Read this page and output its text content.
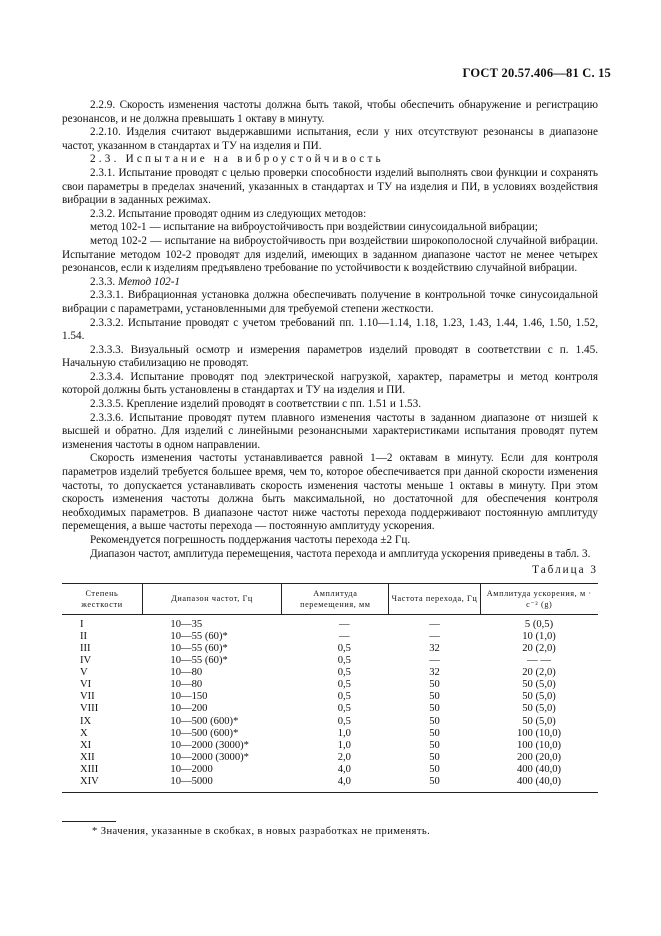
ГОСТ 20.57.406—81 С. 15

2.2.9. Скорость изменения частоты должна быть такой, чтобы обеспечить обнаружение и регистрацию резонансов, и не должна превышать 1 октаву в минуту.

2.2.10. Изделия считают выдержавшими испытания, если у них отсутствуют резонансы в диапазоне частот, указанном в стандартах и ТУ на изделия и ПИ.

2.3. Испытание на виброустойчивость

2.3.1. Испытание проводят с целью проверки способности изделий выполнять свои функции и сохранять свои параметры в пределах значений, указанных в стандартах и ТУ на изделия и ПИ, в условиях воздействия вибрации в заданных режимах.

2.3.2. Испытание проводят одним из следующих методов:

метод 102-1 — испытание на виброустойчивость при воздействии синусоидальной вибрации;

метод 102-2 — испытание на виброустойчивость при воздействии широкополосной случайной вибрации. Испытание методом 102-2 проводят для изделий, имеющих в заданном диапазоне частот не менее четырех резонансов, если к изделиям предъявлено требование по устойчивости к воздействию случайной вибрации.

2.3.3. Метод 102-1

2.3.3.1. Вибрационная установка должна обеспечивать получение в контрольной точке синусоидальной вибрации с параметрами, установленными для требуемой степени жесткости.

2.3.3.2. Испытание проводят с учетом требований пп. 1.10—1.14, 1.18, 1.23, 1.43, 1.44, 1.46, 1.50, 1.52, 1.54.

2.3.3.3. Визуальный осмотр и измерения параметров изделий проводят в соответствии с п. 1.45. Начальную стабилизацию не проводят.

2.3.3.4. Испытание проводят под электрической нагрузкой, характер, параметры и метод контроля которой должны быть установлены в стандартах и ТУ на изделия и ПИ.

2.3.3.5. Крепление изделий проводят в соответствии с пп. 1.51 и 1.53.

2.3.3.6. Испытание проводят путем плавного изменения частоты в заданном диапазоне от низшей к высшей и обратно. Для изделий с линейными резонансными характеристиками испытания проводят путем изменения частоты в одном направлении.

Скорость изменения частоты устанавливается равной 1—2 октавам в минуту. Если для контроля параметров изделий требуется большее время, чем то, которое обеспечивается при данной скорости изменения частоты, то допускается устанавливать скорость изменения частоты меньше 1 октавы в минуту. При этом скорость изменения частоты должна быть максимальной, но достаточной для обеспечения контроля необходимых параметров. В диапазоне частот ниже частоты перехода поддерживают постоянную амплитуду перемещения, а выше частоты перехода — постоянную амплитуду ускорения.

Рекомендуется погрешность поддержания частоты перехода ±2 Гц.

Диапазон частот, амплитуда перемещения, частота перехода и амплитуда ускорения приведены в табл. 3.

Таблица 3
Степень жесткости	Диапазон частот, Гц	Амплитуда перемещения, мм	Частота перехода, Гц	Амплитуда ускорения, м · с⁻² (g)
I	10—35	—	—	5 (0,5)
II	10—55 (60)*	—	—	10 (1,0)
III	10—55 (60)*	0,5	32	20 (2,0)
IV	10—55 (60)*	0,5	—	— —
V	10—80	0,5	32	20 (2,0)
VI	10—80	0,5	50	50 (5,0)
VII	10—150	0,5	50	50 (5,0)
VIII	10—200	0,5	50	50 (5,0)
IX	10—500 (600)*	0,5	50	50 (5,0)
X	10—500 (600)*	1,0	50	100 (10,0)
XI	10—2000 (3000)*	1,0	50	100 (10,0)
XII	10—2000 (3000)*	2,0	50	200 (20,0)
XIII	10—2000	4,0	50	400 (40,0)
XIV	10—5000	4,0	50	400 (40,0)
* Значения, указанные в скобках, в новых разработках не применять.
